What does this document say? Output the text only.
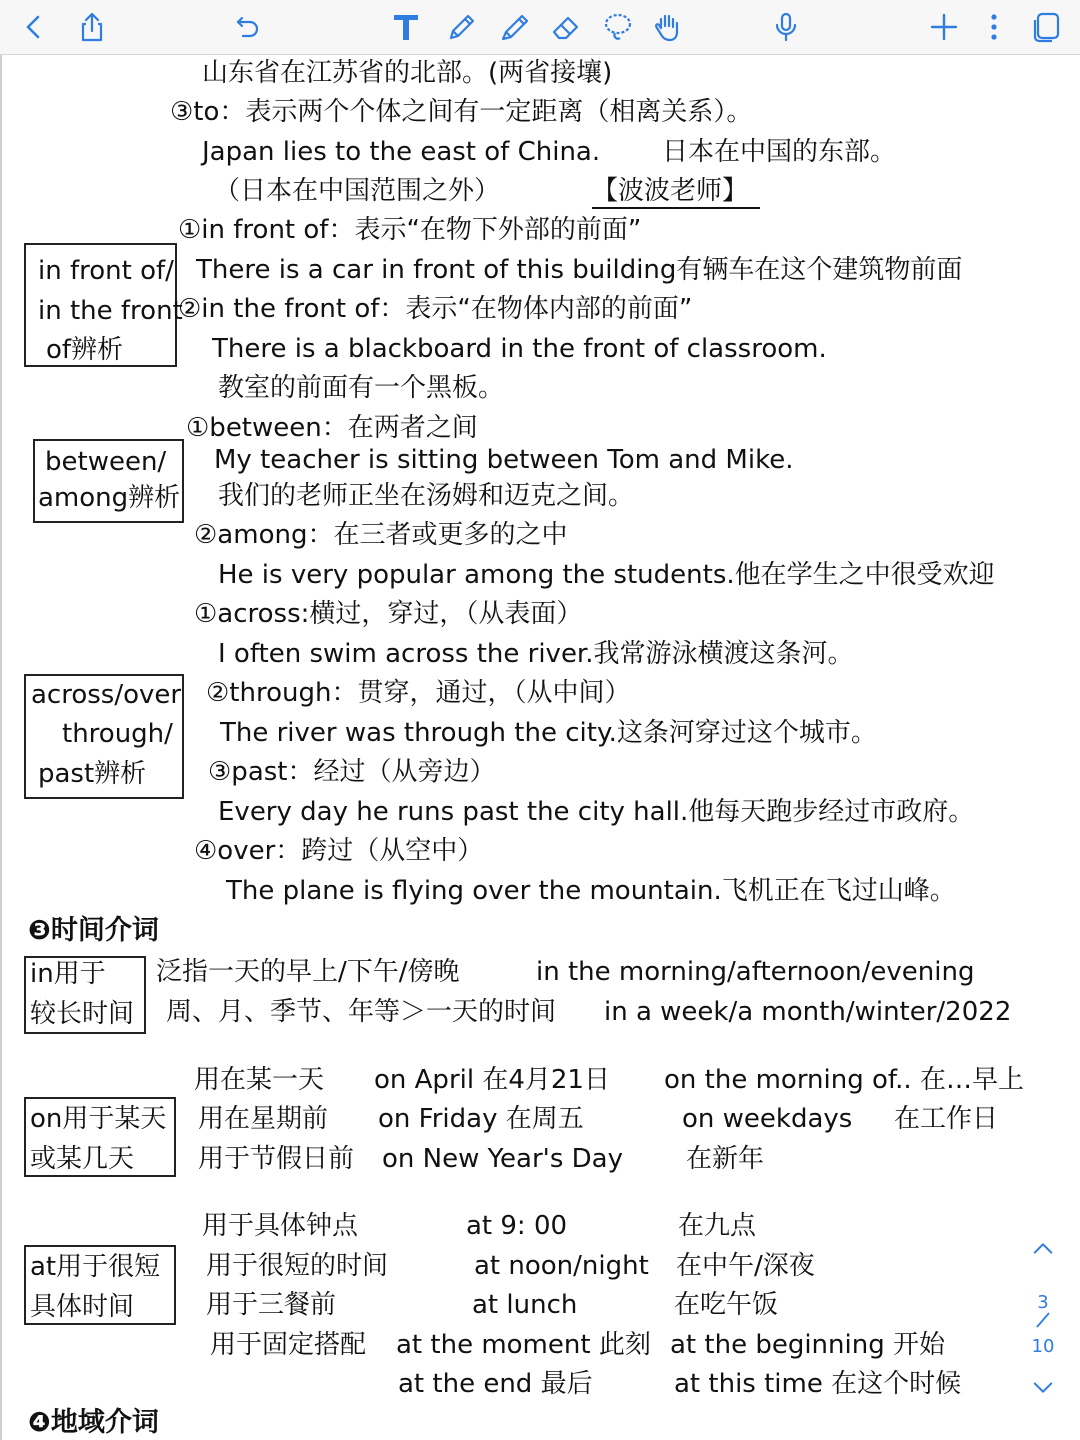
山东省在江苏省的北部。(两省接壤)
③to：表示两个个体之间有一定距离（相离关系）。
Japan lies to the east of China. 日本在中国的东部。
（日本在中国范围之外）	【波波老师】
①in front of：表示“在物下外部的前面”
There is a car in front of this building有辆车在这个建筑物前面
②in the front of：表示“在物体内部的前面”
There is a blackboard in the front of classroom.
教室的前面有一个黑板。
①between：在两者之间
My teacher is sitting between Tom and Mike.
我们的老师正坐在汤姆和迈克之间。
②among：在三者或更多的之中
He is very popular among the students.他在学生之中很受欢迎
①across:横过，穿过，（从表面）
I often swim across the river.我常游泳横渡这条河。
②through：贯穿，通过，（从中间）
The river was through the city.这条河穿过这个城市。
③past：经过（从旁边）
Every day he runs past the city hall.他每天跑步经过市政府。
④over：跨过（从空中）
The plane is flying over the mountain.飞机正在飞过山峰。
❸时间介词
泛指一天的早上/下午/傍晚	in the morning/afternoon/evening
周、月、季节、年等＞一天的时间 in a week/a month/winter/2022
用在某一天 on April 在4月21日 on the morning of.. 在…早上
用在星期前 on Friday 在周五	on weekdays 在工作日
用于节假日前 on New Year's Day 在新年
用于具体钟点	at 9: 00	在九点
用于很短的时间	at noon/night 在中午/深夜
用于三餐前	at lunch	在吃午饭
用于固定搭配 at the moment 此刻 at the beginning 开始
at the end 最后	at this time 在这个时候
❹地域介词
in front of/
in the front
of辨析
between/
among辨析
across/over
through/
past辨析
in用于
较长时间
on用于某天
或某几天
at用于很短
具体时间	3
10
